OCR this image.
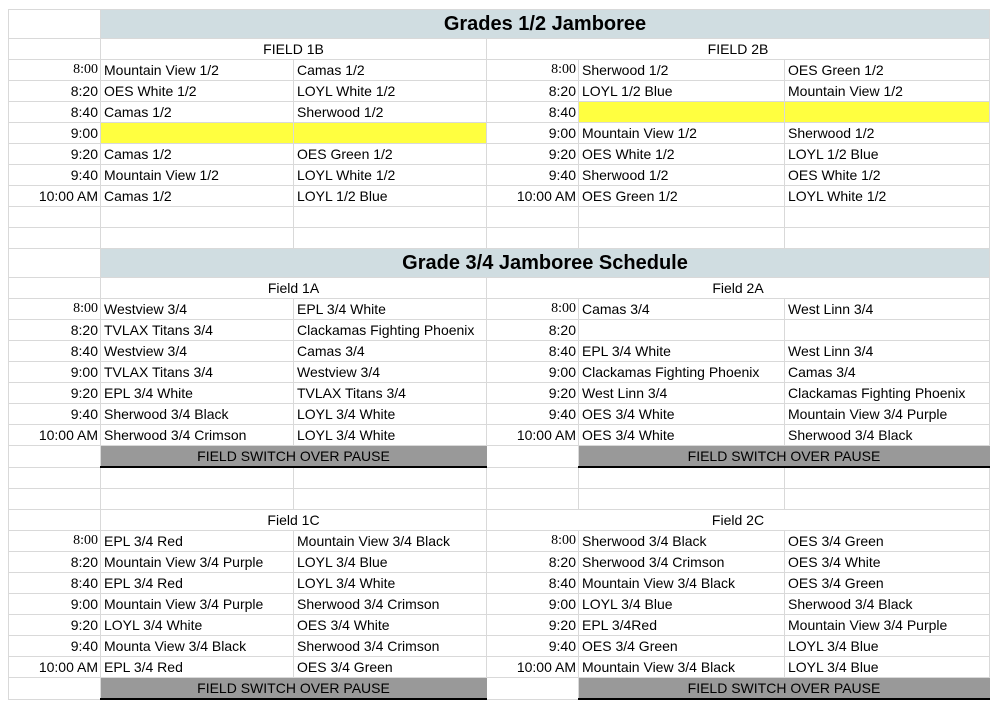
	Grades 1/2 Jamboree				
	FIELD 1B		FIELD 2B		
8:00	Mountain View 1/2	Camas 1/2	8:00	Sherwood 1/2	OES Green 1/2
8:20	OES White 1/2	LOYL White 1/2	8:20	LOYL 1/2 Blue	Mountain View 1/2
8:40	Camas 1/2	Sherwood 1/2	8:40		
9:00			9:00	Mountain View 1/2	Sherwood 1/2
9:20	Camas 1/2	OES Green 1/2	9:20	OES White 1/2	LOYL 1/2 Blue
9:40	Mountain View 1/2	LOYL White 1/2	9:40	Sherwood 1/2	OES White 1/2
10:00 AM	Camas 1/2	LOYL 1/2 Blue	10:00 AM	OES Green 1/2	LOYL White 1/2

	Grade 3/4 Jamboree Schedule				
	Field 1A		Field 2A		
8:00	Westview 3/4	EPL 3/4 White	8:00	Camas 3/4	West Linn 3/4
8:20	TVLAX Titans 3/4	Clackamas Fighting Phoenix	8:20		
8:40	Westview 3/4	Camas 3/4	8:40	EPL 3/4 White	West Linn 3/4
9:00	TVLAX Titans 3/4	Westview 3/4	9:00	Clackamas Fighting Phoenix	Camas 3/4
9:20	EPL 3/4 White	TVLAX Titans 3/4	9:20	West Linn 3/4	Clackamas Fighting Phoenix
9:40	Sherwood 3/4 Black	LOYL 3/4 White	9:40	OES 3/4 White	Mountain View 3/4 Purple
10:00 AM	Sherwood 3/4 Crimson	LOYL 3/4 White	10:00 AM	OES 3/4 White	Sherwood 3/4 Black
	FIELD SWITCH OVER PAUSE			FIELD SWITCH OVER PAUSE	

	Field 1C		Field 2C		
8:00	EPL 3/4 Red	Mountain View 3/4 Black	8:00	Sherwood 3/4 Black	OES 3/4 Green
8:20	Mountain View 3/4 Purple	LOYL 3/4 Blue	8:20	Sherwood 3/4 Crimson	OES 3/4 White
8:40	EPL 3/4 Red	LOYL 3/4 White	8:40	Mountain View 3/4 Black	OES 3/4 Green
9:00	Mountain View 3/4 Purple	Sherwood 3/4 Crimson	9:00	LOYL 3/4 Blue	Sherwood 3/4 Black
9:20	LOYL 3/4 White	OES 3/4 White	9:20	EPL 3/4Red	Mountain View 3/4 Purple
9:40	Mounta View 3/4 Black	Sherwood 3/4 Crimson	9:40	OES 3/4 Green	LOYL 3/4 Blue
10:00 AM	EPL 3/4 Red	OES 3/4 Green	10:00 AM	Mountain View 3/4 Black	LOYL 3/4 Blue
	FIELD SWITCH OVER PAUSE			FIELD SWITCH OVER PAUSE	
